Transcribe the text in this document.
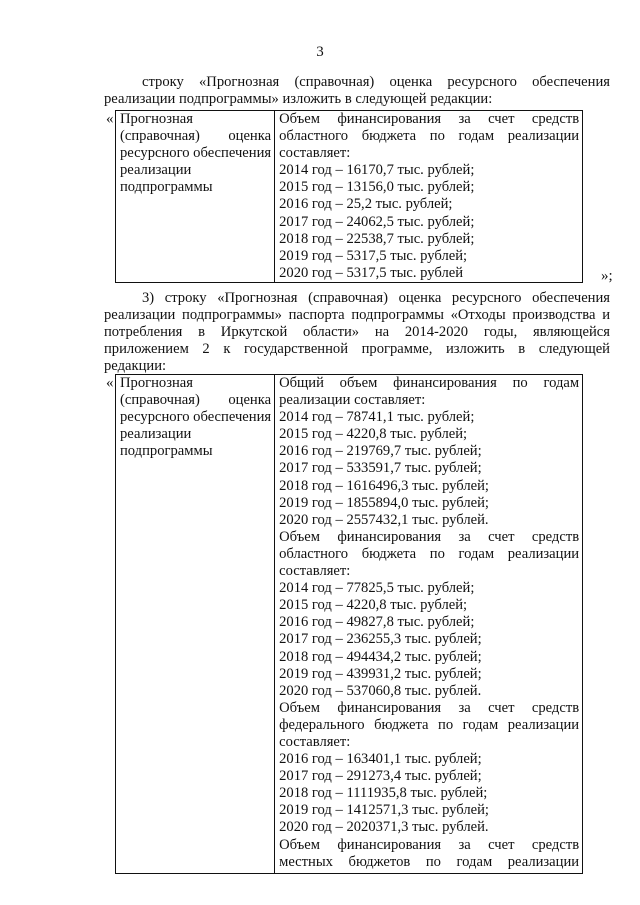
3
строку «Прогнозная (справочная) оценка ресурсного обеспечения
реализации подпрограммы» изложить в следующей редакции:
« Прогнозная
(справочная) оценка
ресурсного обеспечения
реализации
подпрограммы

Объем финансирования за счет средств
областного бюджета по годам реализации
составляет:
2014 год – 16170,7 тыс. рублей;
2015 год – 13156,0 тыс. рублей;
2016 год – 25,2 тыс. рублей;
2017 год – 24062,5 тыс. рублей;
2018 год – 22538,7 тыс. рублей;
2019 год – 5317,5 тыс. рублей;
2020 год – 5317,5 тыс. рублей	»;
3) строку «Прогнозная (справочная) оценка ресурсного обеспечения
реализации подпрограммы» паспорта подпрограммы «Отходы производства и
потребления в Иркутской области» на 2014-2020 годы, являющейся
приложением 2 к государственной программе, изложить в следующей
редакции:
« Прогнозная
(справочная) оценка
ресурсного обеспечения
реализации
подпрограммы

Общий объем финансирования по годам
реализации составляет:
2014 год – 78741,1 тыс. рублей;
2015 год – 4220,8 тыс. рублей;
2016 год – 219769,7 тыс. рублей;
2017 год – 533591,7 тыс. рублей;
2018 год – 1616496,3 тыс. рублей;
2019 год – 1855894,0 тыс. рублей;
2020 год – 2557432,1 тыс. рублей.
Объем финансирования за счет средств
областного бюджета по годам реализации
составляет:
2014 год – 77825,5 тыс. рублей;
2015 год – 4220,8 тыс. рублей;
2016 год – 49827,8 тыс. рублей;
2017 год – 236255,3 тыс. рублей;
2018 год – 494434,2 тыс. рублей;
2019 год – 439931,2 тыс. рублей;
2020 год – 537060,8 тыс. рублей.
Объем финансирования за счет средств
федерального бюджета по годам реализации
составляет:
2016 год – 163401,1 тыс. рублей;
2017 год – 291273,4 тыс. рублей;
2018 год – 1111935,8 тыс. рублей;
2019 год – 1412571,3 тыс. рублей;
2020 год – 2020371,3 тыс. рублей.
Объем финансирования за счет средств
местных бюджетов по годам реализации
